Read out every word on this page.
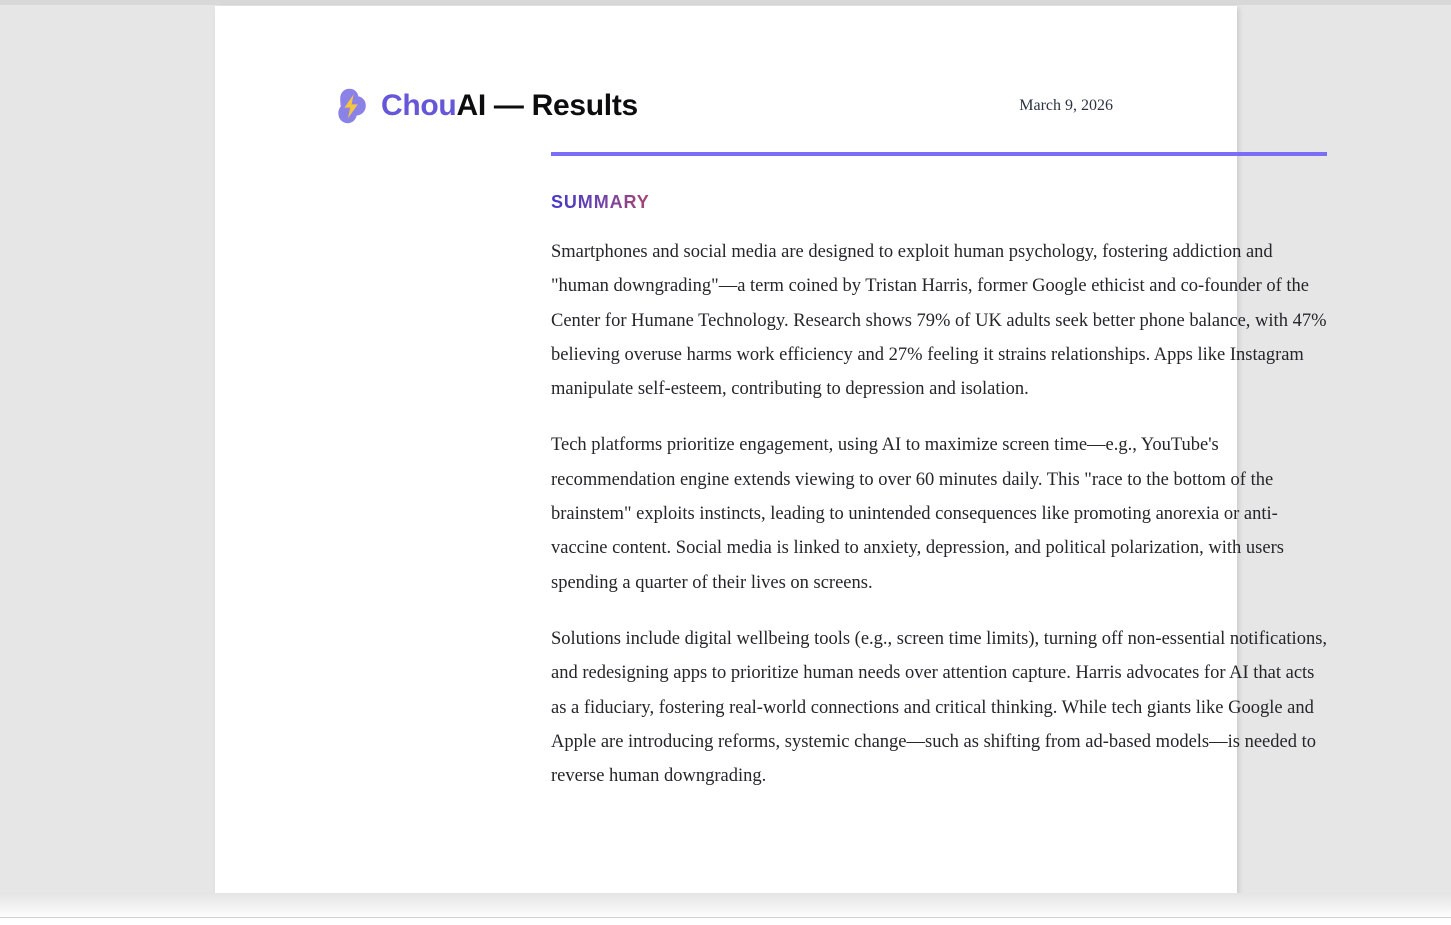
ChouAI — Results	March 9, 2026
SUMMARY

Smartphones and social media are designed to exploit human psychology, fostering addiction and "human downgrading"—a term coined by Tristan Harris, former Google ethicist and co-founder of the Center for Humane Technology. Research shows 79% of UK adults seek better phone balance, with 47% believing overuse harms work efficiency and 27% feeling it strains relationships. Apps like Instagram manipulate self-esteem, contributing to depression and isolation.

Tech platforms prioritize engagement, using AI to maximize screen time—e.g., YouTube's recommendation engine extends viewing to over 60 minutes daily. This "race to the bottom of the brainstem" exploits instincts, leading to unintended consequences like promoting anorexia or anti-vaccine content. Social media is linked to anxiety, depression, and political polarization, with users spending a quarter of their lives on screens.

Solutions include digital wellbeing tools (e.g., screen time limits), turning off non-essential notifications, and redesigning apps to prioritize human needs over attention capture. Harris advocates for AI that acts as a fiduciary, fostering real-world connections and critical thinking. While tech giants like Google and Apple are introducing reforms, systemic change—such as shifting from ad-based models—is needed to reverse human downgrading.
